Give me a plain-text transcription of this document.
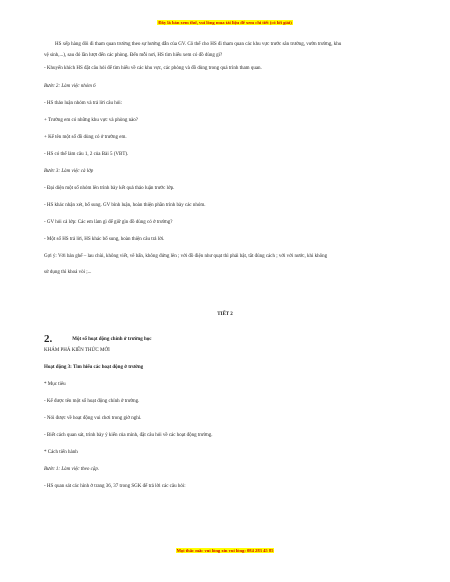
Đây là bản xem thử, vui lòng mua tài liệu để xem chi tiết (có lời giải)

HS xếp hàng đôi đi tham quan trường theo sự hướng dẫn của GV. Cô thể cho HS đi tham quan các khu vực trước sân trường, vườn trường, khu

vệ sinh,...), sau đó lần lượt đến các phòng. Đến mỗi nơi, HS tìm hiểu xem có đồ dùng gì?

- Khuyến khích HS đặt câu hỏi để tìm hiểu về các khu vực, các phòng và đồ dùng trong quá trình tham quan.

Bước 2: Làm việc nhóm 6

- HS thảo luận nhóm và trả lời câu hỏi:

+ Trường em có những khu vực và phòng nào?

+ Kể tên một số đồ dùng có ở trường em.

- HS có thể làm câu 1, 2 của Bài 5 (VBT).

Bước 3: Làm việc cả lớp

- Đại diện một số nhóm lên trình bày kết quả thảo luận trước lớp.

- HS khác nhận xét, bổ sung. GV bình luận, hoàn thiện phần trình bày các nhóm.

- GV hỏi cả lớp: Các em làm gì để giữ gìn đồ dùng có ở trường?

- Một số HS trả lời, HS khác bổ sung, hoàn thiện câu trả lời.

Gợi ý: Với bàn ghế – lau chùi, không viết, vẽ bẩn, không đứng lên ; với đồ điện như quạt thì phải bật, tắt đúng cách ; với với nước, khi không

sử dụng thì khoá vòi ;...

TIẾT 2

2.	Một số hoạt động chính ở trường học

KHÁM PHÁ KIẾN THỨC MỚI

Hoạt động 3: Tìm hiểu các hoạt động ở trường

* Mục tiêu

- Kể được tên một số hoạt động chính ở trường.

- Nói được về hoạt động vui chơi trong giờ nghỉ.

- Biết cách quan sát, trình bày ý kiến của mình, đặt câu hỏi về các hoạt động trường.

* Cách tiến hành

Bước 1: Làm việc theo cặp.

- HS quan sát các hình ở trang 36, 37 trong SGK để trả lời các câu hỏi:

Mọi thắc mắc vui lòng xin vui lòng: 084 283 45 85
